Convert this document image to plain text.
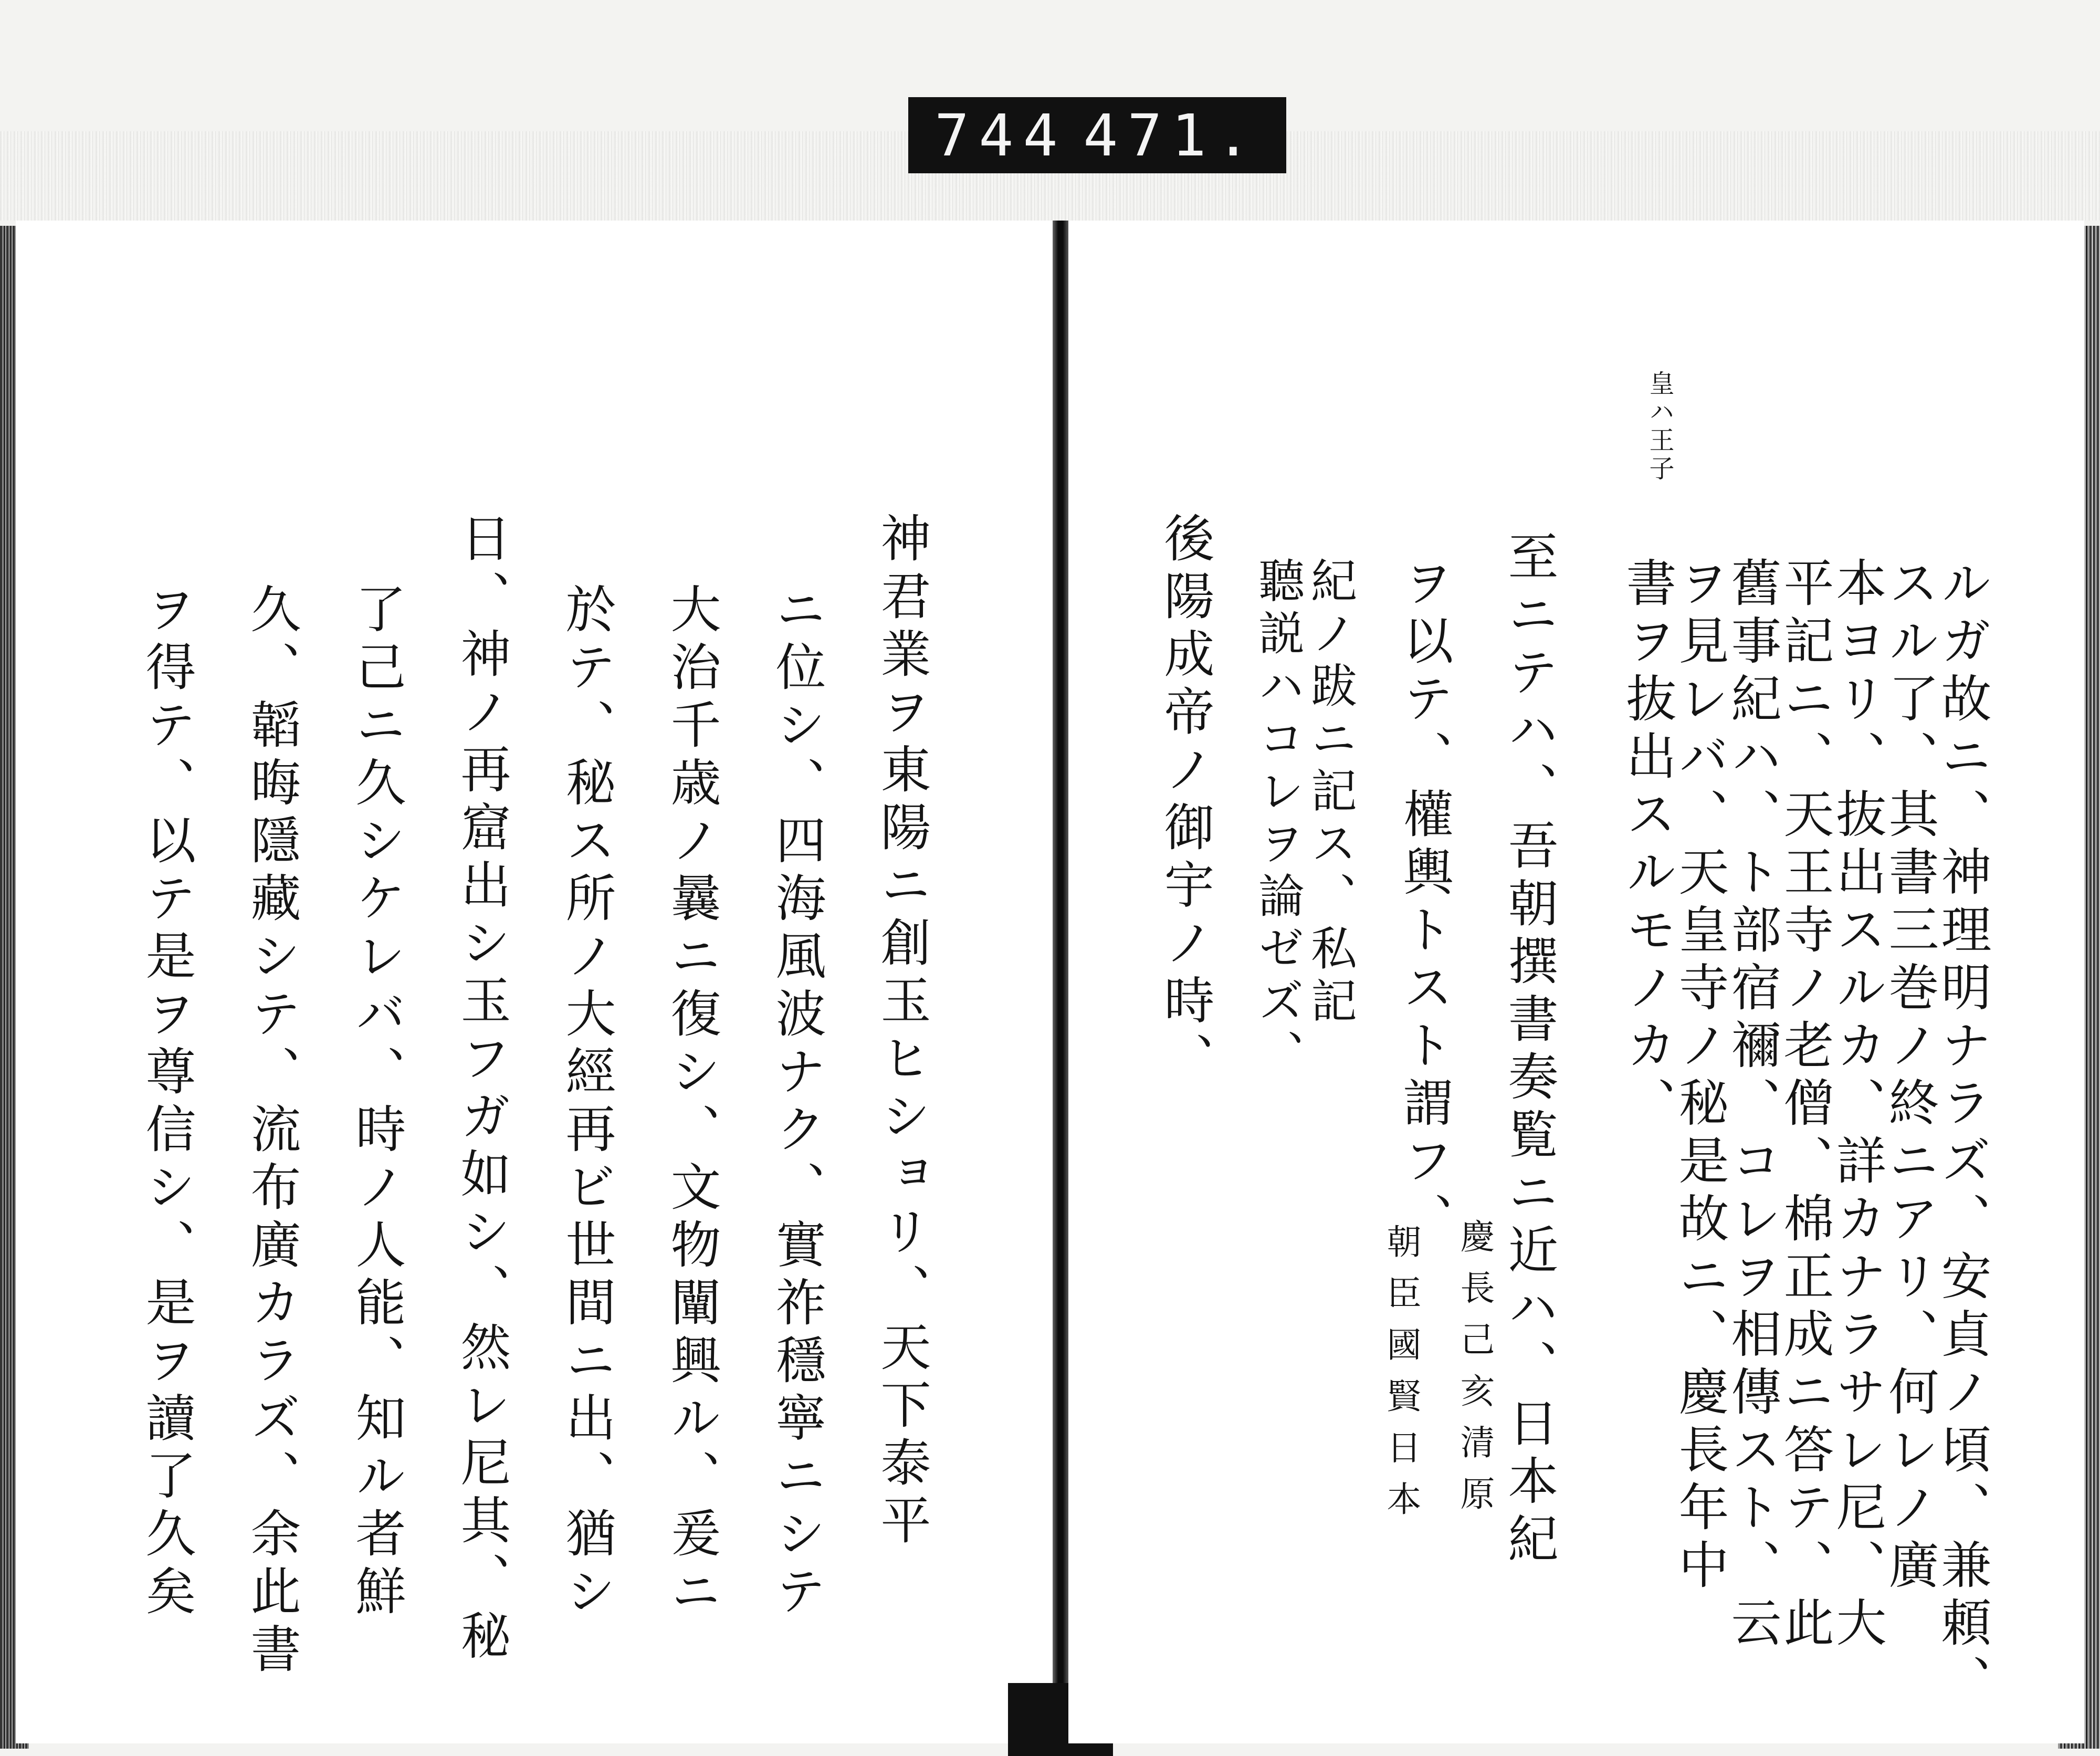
744 471.
神君業ヲ東陽ニ創玉ヒショリ、天下泰平
ニ位シ、四海風波ナク、實祚穩寧ニシテ
大治千歳ノ曩ニ復シ、文物闡興ル、爰ニ
於テ、秘ス所ノ大經再ビ世間ニ出、猶シ
日、神ノ再窟出シ玉フガ如シ、然レ尼其、秘
了己ニ久シケレバ、時ノ人能、知ル者鮮
久、韜晦隱藏シテ、流布廣カラズ、余此書
ヲ得テ、以テ是ヲ尊信シ、是ヲ讀了久矣
皇ハ王子
ルガ故ニ、神理明ナラズ、安貞ノ頃、兼頼、
スル了、其書三巻ノ終ニアリ、何レノ廣
本ヨリ、抜出スルカ、詳カナラサレ尼、大
平記ニ、天王寺ノ老僧、棉正成ニ答テ、此
舊事紀ハ、ト部宿禰、コレヲ相傳スト、云
ヲ見レバ、天皇寺ノ秘是故ニ、慶長年中
書ヲ抜出スルモノカ、
至ニテハ、吾朝撰書奏覧ニ近ハ、日本紀
ヲ以テ、權輿トスト謂フ、
紀ノ跋ニ記ス、私記
聽説ハコレヲ論ゼズ、
後陽成帝ノ御宇ノ時、
慶長己亥清原
朝臣國賢日本
